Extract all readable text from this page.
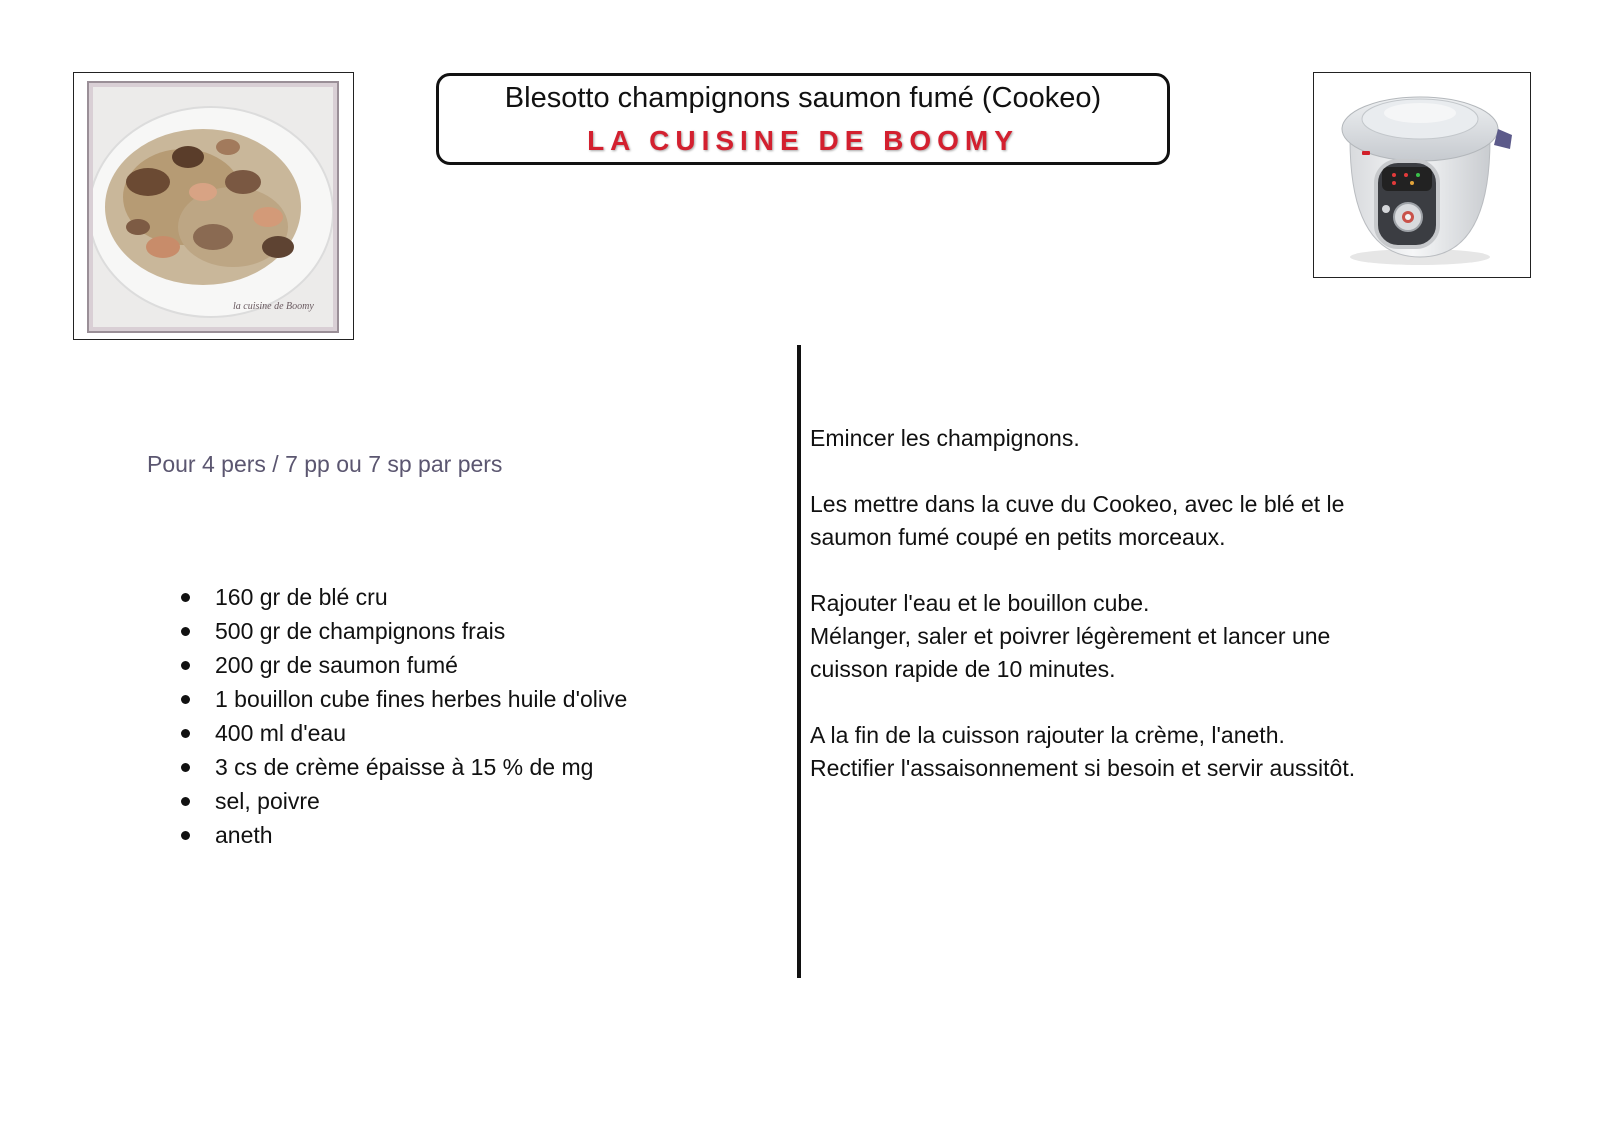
la cuisine de Boomy
Blesotto champignons saumon fumé (Cookeo)
LA CUISINE DE BOOMY
Pour 4 pers / 7 pp ou 7 sp par pers
160 gr de blé cru
500 gr de champignons frais
200 gr de saumon fumé
1 bouillon cube fines herbes huile d'olive
400 ml d'eau
3 cs de crème épaisse à 15 % de mg
sel, poivre
aneth

Emincer les champignons.

Les mettre dans la cuve du Cookeo, avec le blé et le

saumon fumé coupé en petits morceaux.

Rajouter l'eau et le bouillon cube.

Mélanger, saler et poivrer légèrement et lancer une

cuisson rapide de 10 minutes.

A la fin de la cuisson rajouter la crème, l'aneth.

Rectifier l'assaisonnement si besoin et servir aussitôt.
